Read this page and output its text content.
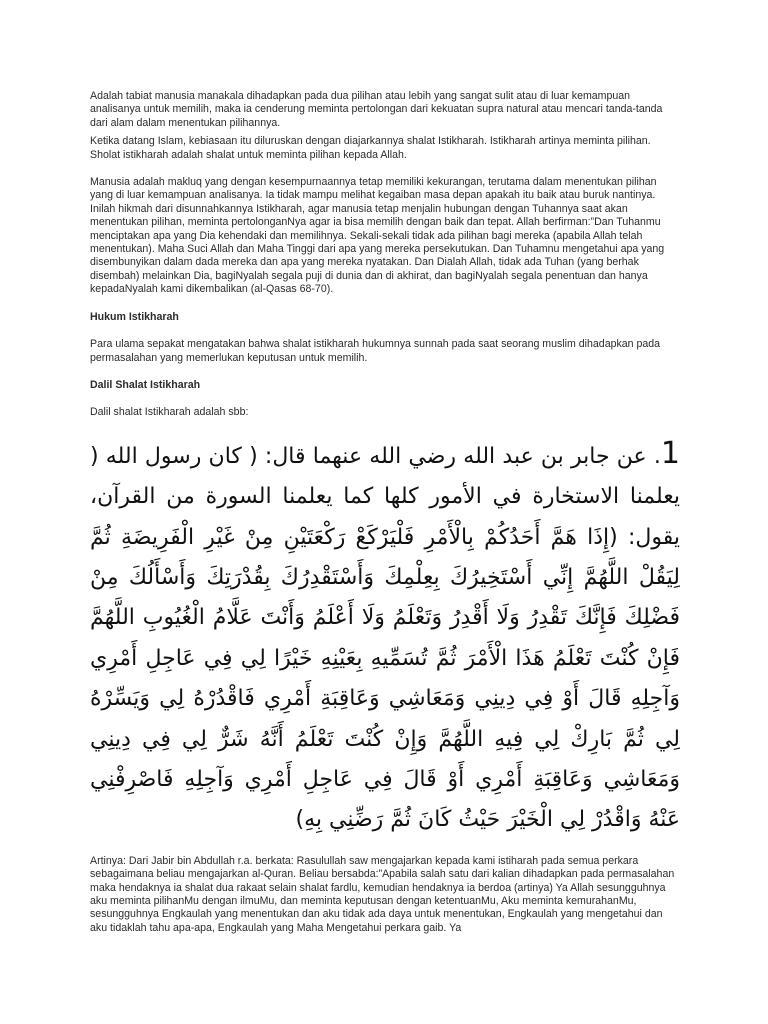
Adalah tabiat manusia manakala dihadapkan pada dua pilihan atau lebih yang sangat sulit atau di luar kemampuan analisanya untuk memilih, maka ia cenderung meminta pertolongan dari kekuatan supra natural atau mencari tanda-tanda dari alam dalam menentukan pilihannya.

Ketika datang Islam, kebiasaan itu diluruskan dengan diajarkannya shalat Istikharah. Istikharah artinya meminta pilihan. Sholat istikharah adalah shalat untuk meminta pilihan kepada Allah.

Manusia adalah makluq yang dengan kesempurnaannya tetap memiliki kekurangan, terutama dalam menentukan pilihan yang di luar kemampuan analisanya. Ia tidak mampu melihat kegaiban masa depan apakah itu baik atau buruk nantinya. Inilah hikmah dari disunnahkannya Istikharah, agar manusia tetap menjalin hubungan dengan Tuhannya saat akan menentukan pilihan, meminta pertolonganNya agar ia bisa memilih dengan baik dan tepat. Allah berfirman:”Dan Tuhanmu menciptakan apa yang Dia kehendaki dan memilihnya. Sekali-sekali tidak ada pilihan bagi mereka (apabila Allah telah menentukan). Maha Suci Allah dan Maha Tinggi dari apa yang mereka persekutukan. Dan Tuhamnu mengetahui apa yang disembunyikan dalam dada mereka dan apa yang mereka nyatakan. Dan Dialah Allah, tidak ada Tuhan (yang berhak disembah) melainkan Dia, bagiNyalah segala puji di dunia dan di akhirat, dan bagiNyalah segala penentuan dan hanya kepadaNyalah kami dikembalikan (al-Qasas 68-70).

Hukum Istikharah

Para ulama sepakat mengatakan bahwa shalat istikharah hukumnya sunnah pada saat seorang muslim dihadapkan pada permasalahan yang memerlukan keputusan untuk memilih.

Dalil Shalat Istikharah

Dalil shalat Istikharah adalah sbb:

1. عن جابر بن عبد الله رضي الله عنهما قال: ( كان رسول الله ( يعلمنا الاستخارة في الأمور كلها كما يعلمنا السورة من القرآن، يقول: (إِذَا هَمَّ أَحَدُكُمْ بِالْأَمْرِ فَلْيَرْكَعْ رَكْعَتَيْنِ مِنْ غَيْرِ الْفَرِيضَةِ ثُمَّ لِيَقُلْ اللَّهُمَّ إِنِّي أَسْتَخِيرُكَ بِعِلْمِكَ وَأَسْتَقْدِرُكَ بِقُدْرَتِكَ وَأَسْأَلُكَ مِنْ فَضْلِكَ فَإِنَّكَ تَقْدِرُ وَلَا أَقْدِرُ وَتَعْلَمُ وَلَا أَعْلَمُ وَأَنْتَ عَلَّامُ الْغُيُوبِ اللَّهُمَّ فَإِنْ كُنْتَ تَعْلَمُ هَذَا الْأَمْرَ ثُمَّ تُسَمِّيهِ بِعَيْنِهِ خَيْرًا لِي فِي عَاجِلِ أَمْرِي وَآجِلِهِ قَالَ أَوْ فِي دِينِي وَمَعَاشِي وَعَاقِبَةِ أَمْرِي فَاقْدُرْهُ لِي وَيَسِّرْهُ لِي ثُمَّ بَارِكْ لِي فِيهِ اللَّهُمَّ وَإِنْ كُنْتَ تَعْلَمُ أَنَّهُ شَرٌّ لِي فِي دِينِي وَمَعَاشِي وَعَاقِبَةِ أَمْرِي أَوْ قَالَ فِي عَاجِلِ أَمْرِي وَآجِلِهِ فَاصْرِفْنِي عَنْهُ وَاقْدُرْ لِي الْخَيْرَ حَيْثُ كَانَ ثُمَّ رَضِّنِي بِهِ)

Artinya: Dari Jabir bin Abdullah r.a. berkata: Rasulullah saw mengajarkan kepada kami istiharah pada semua perkara sebagaimana beliau mengajarkan al-Quran. Beliau bersabda:”Apabila salah satu dari kalian dihadapkan pada permasalahan maka hendaknya ia shalat dua rakaat selain shalat fardlu, kemudian hendaknya ia berdoa (artinya) Ya Allah sesungguhnya aku meminta pilihanMu dengan ilmuMu, dan meminta keputusan dengan ketentuanMu, Aku meminta kemurahanMu, sesungguhnya Engkaulah yang menentukan dan aku tidak ada daya untuk menentukan, Engkaulah yang mengetahui dan aku tidaklah tahu apa-apa, Engkaulah yang Maha Mengetahui perkara gaib. Ya
